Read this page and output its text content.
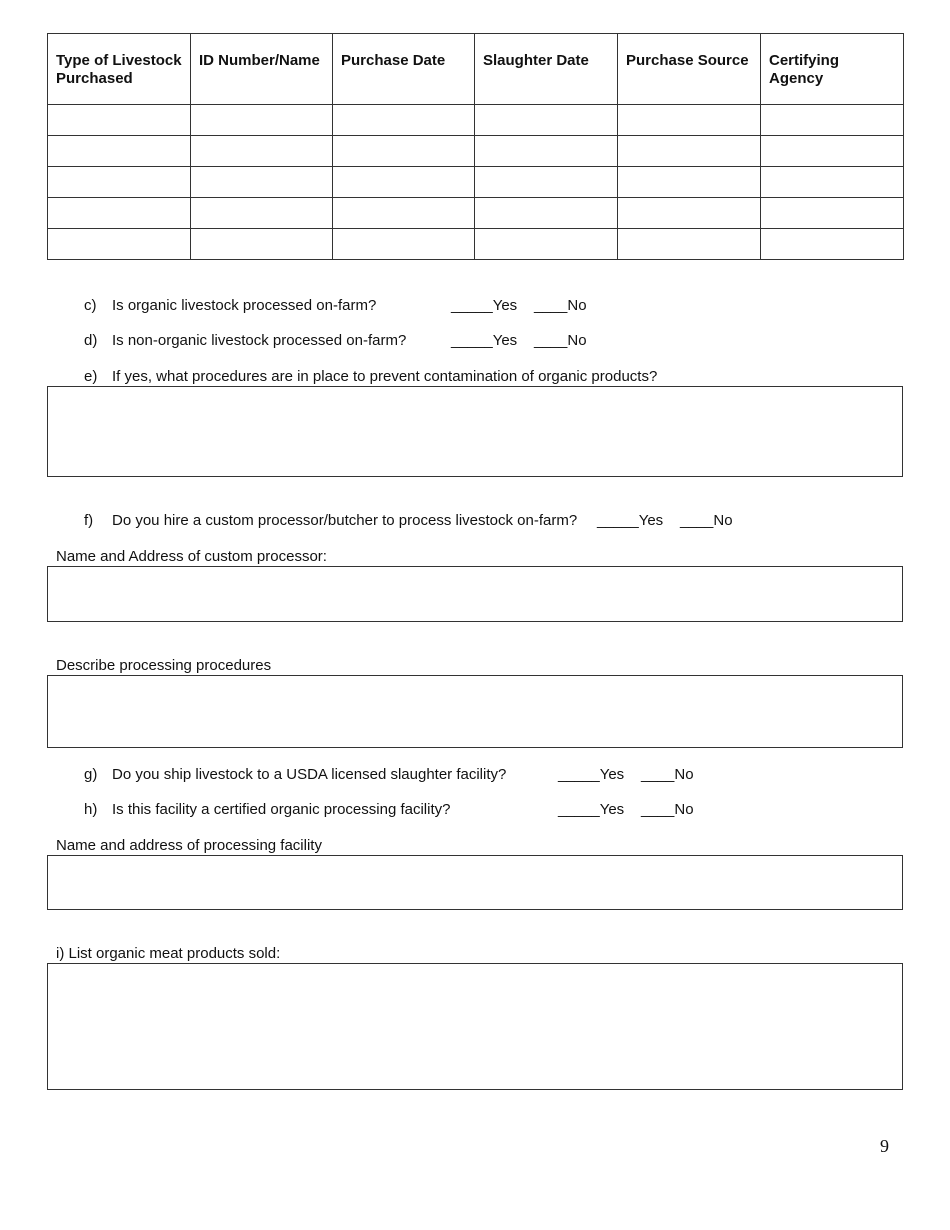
Type of Livestock Purchased	ID Number/Name	Purchase Date	Slaughter Date	Purchase Source	Certifying Agency

c) Is organic livestock processed on-farm?	_____Yes ____No
d) Is non-organic livestock processed on-farm?	_____Yes ____No
e) If yes, what procedures are in place to prevent contamination of organic products?
f) Do you hire a custom processor/butcher to process livestock on-farm? _____Yes ____No
Name and Address of custom processor:
Describe processing procedures
g) Do you ship livestock to a USDA licensed slaughter facility?	_____Yes ____No
h) Is this facility a certified organic processing facility?	_____Yes ____No
Name and address of processing facility
i) List organic meat products sold:
9
